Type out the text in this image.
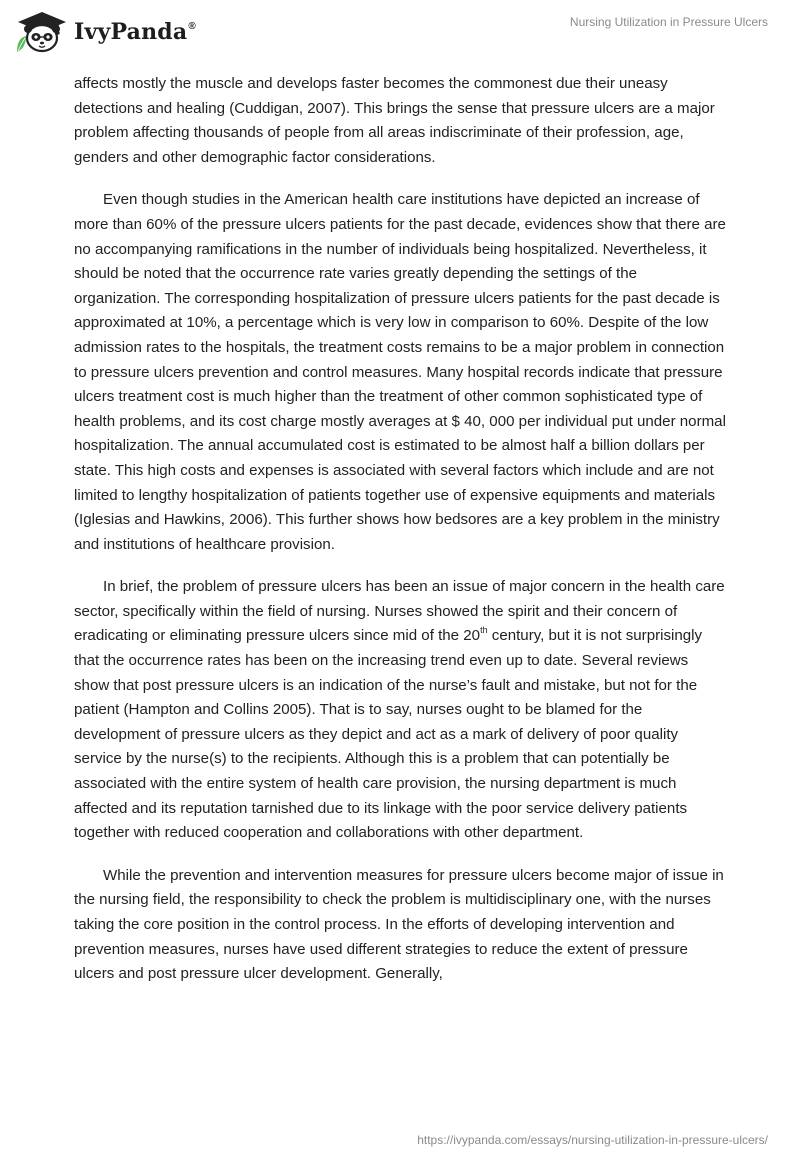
IvyPanda®	Nursing Utilization in Pressure Ulcers

affects mostly the muscle and develops faster becomes the commonest due their uneasy detections and healing (Cuddigan, 2007). This brings the sense that pressure ulcers are a major problem affecting thousands of people from all areas indiscriminate of their profession, age, genders and other demographic factor considerations.

Even though studies in the American health care institutions have depicted an increase of more than 60% of the pressure ulcers patients for the past decade, evidences show that there are no accompanying ramifications in the number of individuals being hospitalized. Nevertheless, it should be noted that the occurrence rate varies greatly depending the settings of the organization. The corresponding hospitalization of pressure ulcers patients for the past decade is approximated at 10%, a percentage which is very low in comparison to 60%. Despite of the low admission rates to the hospitals, the treatment costs remains to be a major problem in connection to pressure ulcers prevention and control measures. Many hospital records indicate that pressure ulcers treatment cost is much higher than the treatment of other common sophisticated type of health problems, and its cost charge mostly averages at $ 40, 000 per individual put under normal hospitalization. The annual accumulated cost is estimated to be almost half a billion dollars per state. This high costs and expenses is associated with several factors which include and are not limited to lengthy hospitalization of patients together use of expensive equipments and materials (Iglesias and Hawkins, 2006). This further shows how bedsores are a key problem in the ministry and institutions of healthcare provision.

In brief, the problem of pressure ulcers has been an issue of major concern in the health care sector, specifically within the field of nursing. Nurses showed the spirit and their concern of eradicating or eliminating pressure ulcers since mid of the 20th century, but it is not surprisingly that the occurrence rates has been on the increasing trend even up to date. Several reviews show that post pressure ulcers is an indication of the nurse’s fault and mistake, but not for the patient (Hampton and Collins 2005). That is to say, nurses ought to be blamed for the development of pressure ulcers as they depict and act as a mark of delivery of poor quality service by the nurse(s) to the recipients. Although this is a problem that can potentially be associated with the entire system of health care provision, the nursing department is much affected and its reputation tarnished due to its linkage with the poor service delivery patients together with reduced cooperation and collaborations with other department.

While the prevention and intervention measures for pressure ulcers become major of issue in the nursing field, the responsibility to check the problem is multidisciplinary one, with the nurses taking the core position in the control process. In the efforts of developing intervention and prevention measures, nurses have used different strategies to reduce the extent of pressure ulcers and post pressure ulcer development. Generally,

https://ivypanda.com/essays/nursing-utilization-in-pressure-ulcers/
